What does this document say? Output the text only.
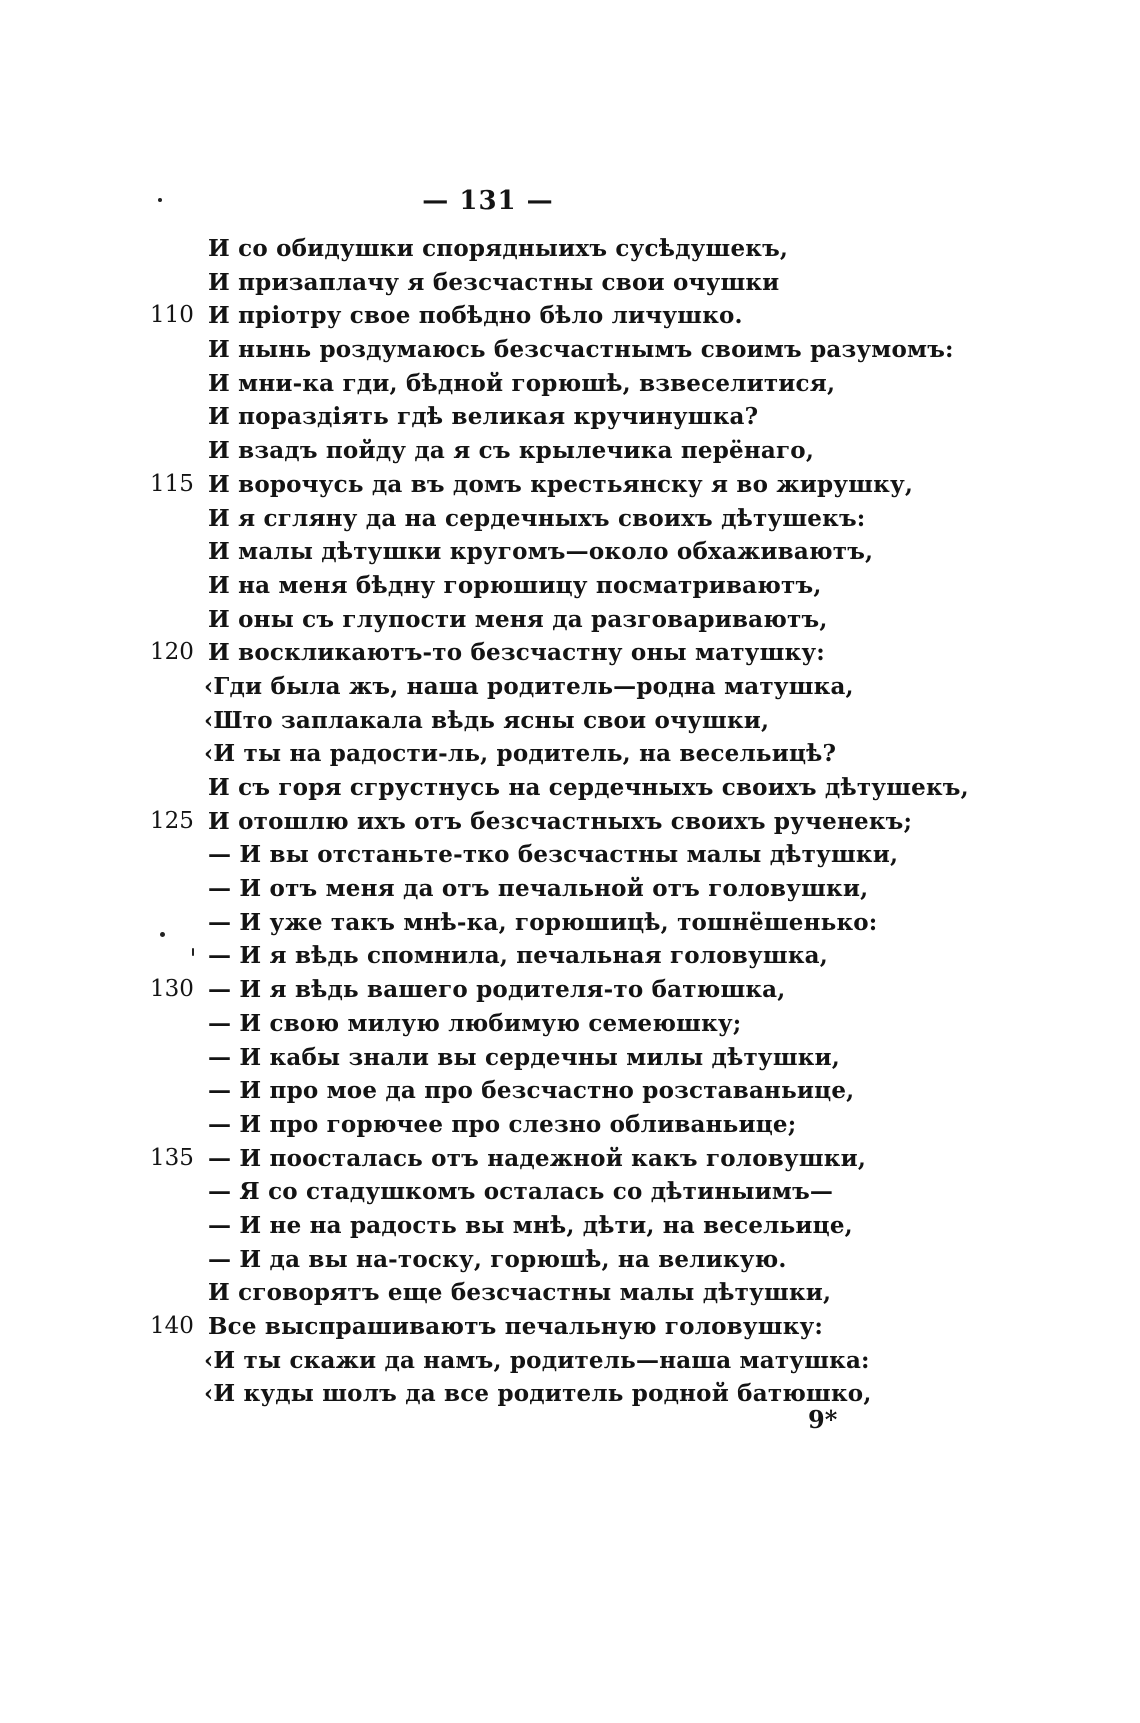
— 131 —
И со обидушки спорядныихъ сусѣдушекъ,
И призаплачу я безсчастны свои очушки
110 И пріотру свое побѣдно бѣло личушко.
И нынь роздумаюсь безсчастнымъ своимъ разумомъ:
И мни-ка гди, бѣдной горюшѣ, взвеселитися,
И пораздіять гдѣ великая кручинушка?
И взадъ пойду да я съ крылечика перёнаго,
115 И ворочусь да въ домъ крестьянску я во жирушку,
И я сгляну да на сердечныхъ своихъ дѣтушекъ:
И малы дѣтушки кругомъ—около обхаживаютъ,
И на меня бѣдну горюшицу посматриваютъ,
И оны съ глупости меня да разговариваютъ,
120 И воскликаютъ-то безсчастну оны матушку:
‹Гди была жъ, наша родитель—родна матушка,
‹Што заплакала вѣдь ясны свои очушки,
‹И ты на радости-ль, родитель, на весельицѣ?
И съ горя сгрустнусь на сердечныхъ своихъ дѣтушекъ,
125 И отошлю ихъ отъ безсчастныхъ своихъ рученекъ;
— И вы отстаньте-тко безсчастны малы дѣтушки,
— И отъ меня да отъ печальной отъ головушки,
— И уже такъ мнѣ-ка, горюшицѣ, тошнёшенько:
— И я вѣдь спомнила, печальная головушка,
130 — И я вѣдь вашего родителя-то батюшка,
— И свою милую любимую семеюшку;
— И кабы знали вы сердечны милы дѣтушки,
— И про мое да про безсчастно розставаньице,
— И про горючее про слезно обливаньице;
135 — И поосталась отъ надежной какъ головушки,
— Я со стадушкомъ осталась со дѣтиныимъ—
— И не на радость вы мнѣ, дѣти, на весельице,
— И да вы на-тоску, горюшѣ, на великую.
И сговорятъ еще безсчастны малы дѣтушки,
140 Все выспрашиваютъ печальную головушку:
‹И ты скажи да намъ, родитель—наша матушка:
‹И куды шолъ да все родитель родной батюшко,
9*
